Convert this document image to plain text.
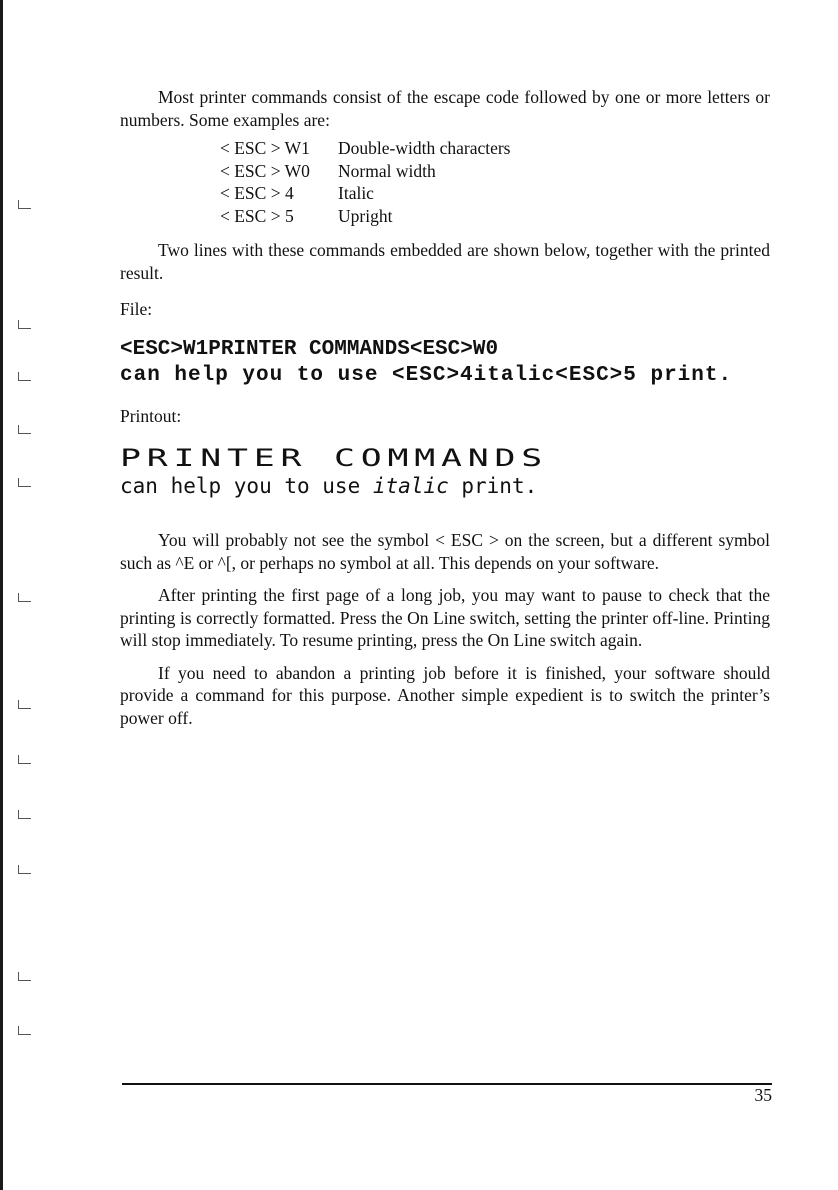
Most printer commands consist of the escape code followed by one or more letters or numbers. Some examples are:

< ESC > W1	Double-width characters
< ESC > W0	Normal width
< ESC > 4	Italic
< ESC > 5	Upright

Two lines with these commands embedded are shown below, together with the printed result.

File:

<ESC>W1PRINTER COMMANDS<ESC>W0

can help you to use <ESC>4italic<ESC>5 print.

Printout:

PRINTER COMMANDS

can help you to use italic print.

You will probably not see the symbol < ESC > on the screen, but a different symbol such as ^E or ^[, or perhaps no symbol at all. This depends on your software.

After printing the first page of a long job, you may want to pause to check that the printing is correctly formatted. Press the On Line switch, setting the printer off-line. Printing will stop immediately. To resume printing, press the On Line switch again.

If you need to abandon a printing job before it is finished, your software should provide a command for this purpose. Another simple expedient is to switch the printer’s power off.

35
